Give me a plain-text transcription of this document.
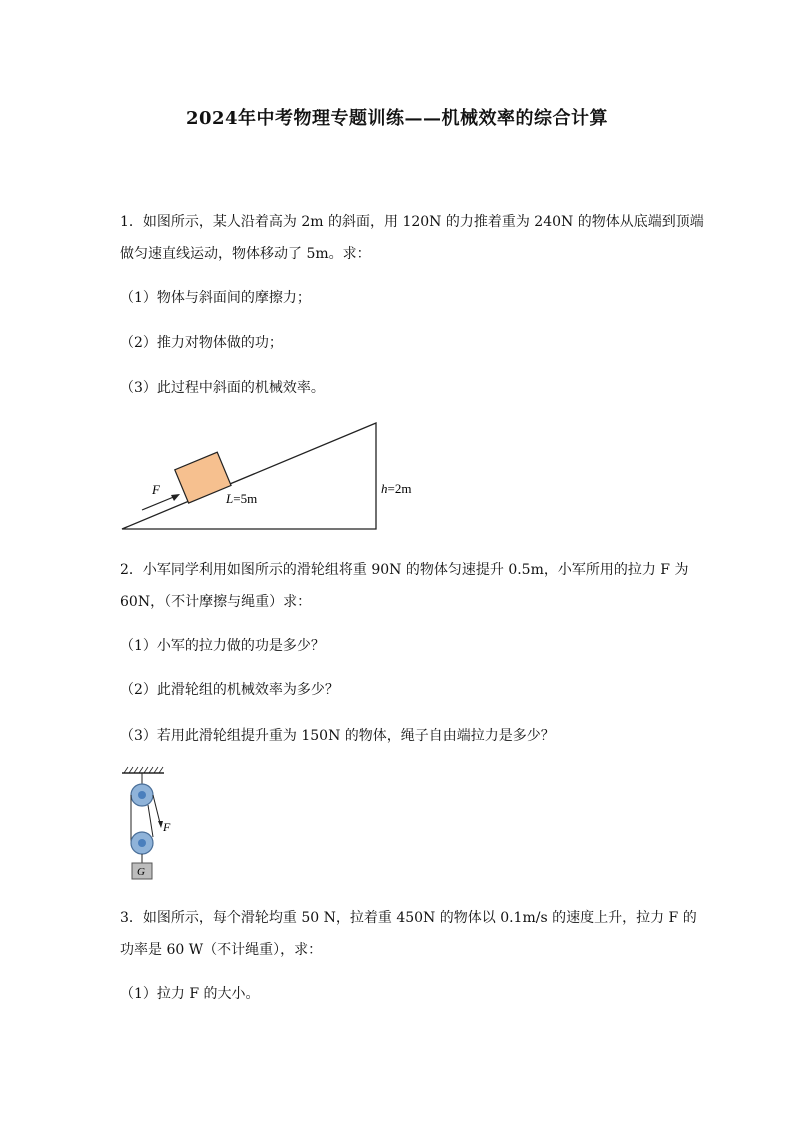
2024年中考物理专题训练——机械效率的综合计算
1．如图所示，某人沿着高为 2m 的斜面，用 120N 的力推着重为 240N 的物体从底端到顶端
做匀速直线运动，物体移动了 5m。求：
（1）物体与斜面间的摩擦力；
（2）推力对物体做的功；
（3）此过程中斜面的机械效率。
F
L=5m
h=2m
2．小军同学利用如图所示的滑轮组将重 90N 的物体匀速提升 0.5m，小军所用的拉力 F 为
60N，（不计摩擦与绳重）求：
（1）小军的拉力做的功是多少？
（2）此滑轮组的机械效率为多少？
（3）若用此滑轮组提升重为 150N 的物体，绳子自由端拉力是多少？
F
G
3．如图所示，每个滑轮均重 50 N，拉着重 450N 的物体以 0.1m/s 的速度上升，拉力 F 的
功率是 60 W（不计绳重），求：
（1）拉力 F 的大小。
